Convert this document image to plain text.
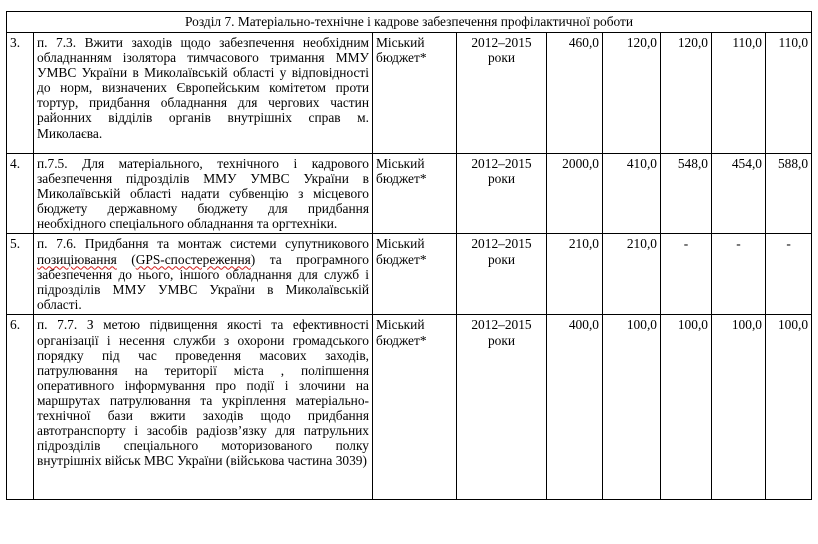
Розділ 7. Матеріально-технічне і кадрове забезпечення профілактичної роботи								
3.	п. 7.3. Вжити заходів щодо забезпечення необхідним обладнанням ізолятора тимчасового тримання ММУ УМВС України в Миколаївській області у відповідності до норм, визначених Європейським комітетом проти тортур, придбання обладнання для чергових частин районних відділів органів внутрішніх справ м. Миколаєва.	Міський бюджет*	2012–2015 роки	460,0	120,0	120,0	110,0	110,0
4.	п.7.5. Для матеріального, технічного і кадрового забезпечення підрозділів ММУ УМВС України в Миколаївській області надати субвенцію з місцевого бюджету державному бюджету для придбання необхідного спеціального обладнання та оргтехніки.	Міський бюджет*	2012–2015 роки	2000,0	410,0	548,0	454,0	588,0
5.	п. 7.6. Придбання та монтаж системи супутникового позиціювання (GPS-спостереження) та програмного забезпечення до нього, іншого обладнання для служб і підрозділів ММУ УМВС України в Миколаївській області.	Міський бюджет*	2012–2015 роки	210,0	210,0	-	-	-
6.	п. 7.7. З метою підвищення якості та ефективності організації і несення служби з охорони громадського порядку під час проведення масових заходів, патрулювання на території міста , поліпшення оперативного інформування про події і злочини на маршрутах патрулювання та укріплення матеріально-технічної бази вжити заходів щодо придбання автотранспорту і засобів радіозв’язку для патрульних підрозділів спеціального моторизованого полку внутрішніх військ МВС України (військова частина 3039)	Міський бюджет*	2012–2015 роки	400,0	100,0	100,0	100,0	100,0
